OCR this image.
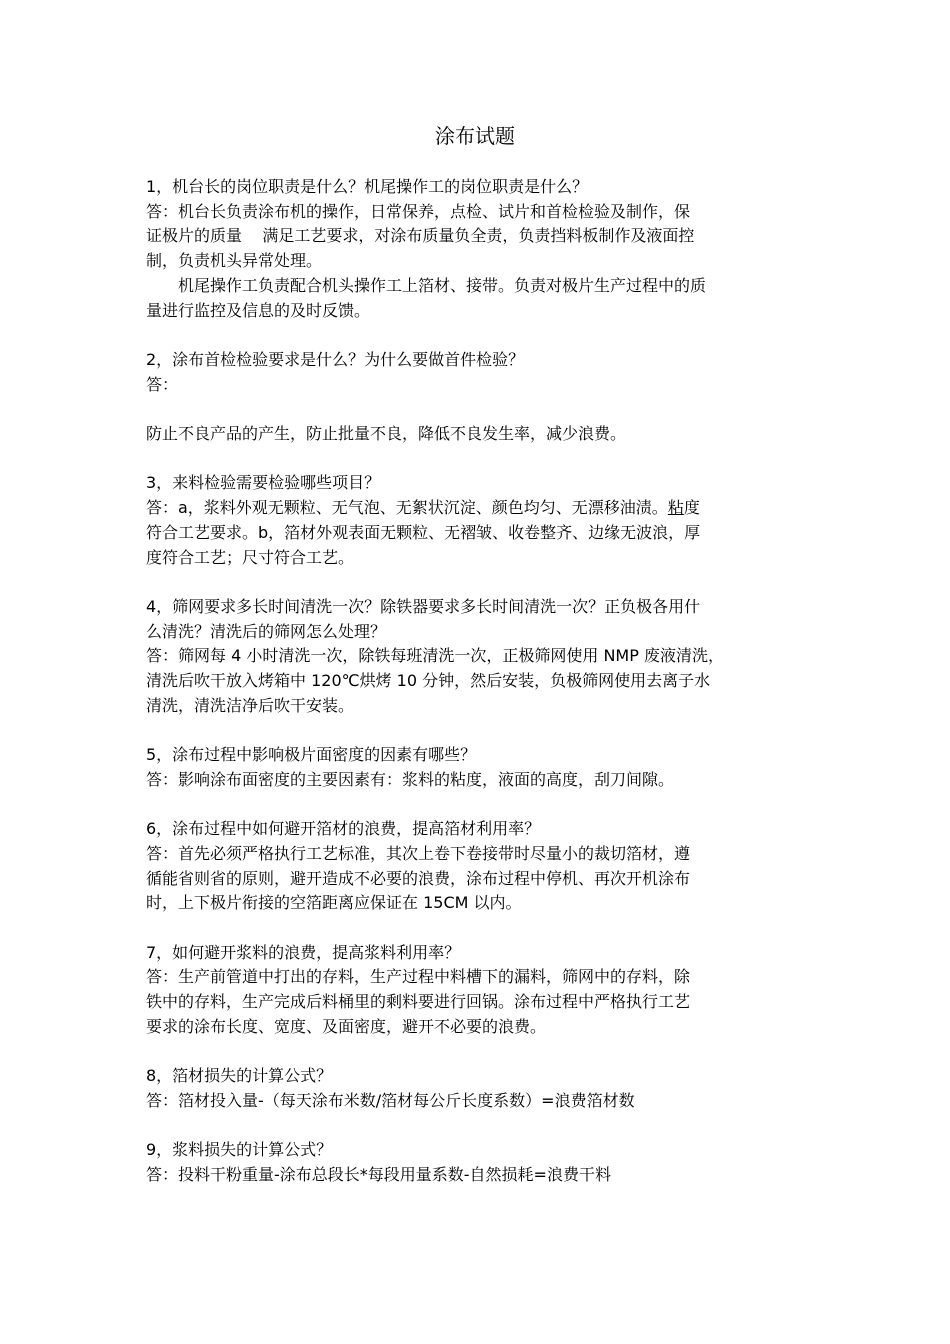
涂布试题

1，机台长的岗位职责是什么？机尾操作工的岗位职责是什么？

答：机台长负责涂布机的操作，日常保养，点检、试片和首检检验及制作，保

证极片的质量    满足工艺要求，对涂布质量负全责，负责挡料板制作及液面控

制，负责机头异常处理。

机尾操作工负责配合机头操作工上箔材、接带。负责对极片生产过程中的质

量进行监控及信息的及时反馈。

2，涂布首检检验要求是什么？为什么要做首件检验？

答：

防止不良产品的产生，防止批量不良，降低不良发生率，减少浪费。

3，来料检验需要检验哪些项目？

答：a，浆料外观无颗粒、无气泡、无絮状沉淀、颜色均匀、无漂移油渍。粘度

符合工艺要求。b，箔材外观表面无颗粒、无褶皱、收卷整齐、边缘无波浪，厚

度符合工艺；尺寸符合工艺。

4，筛网要求多长时间清洗一次？除铁器要求多长时间清洗一次？正负极各用什

么清洗？清洗后的筛网怎么处理？

答：筛网每 4 小时清洗一次，除铁每班清洗一次，正极筛网使用 NMP 废液清洗，

清洗后吹干放入烤箱中 120℃烘烤 10 分钟，然后安装，负极筛网使用去离子水

清洗，清洗洁净后吹干安装。

5，涂布过程中影响极片面密度的因素有哪些？

答：影响涂布面密度的主要因素有：浆料的粘度，液面的高度，刮刀间隙。

6，涂布过程中如何避开箔材的浪费，提高箔材利用率？

答：首先必须严格执行工艺标准，其次上卷下卷接带时尽量小的裁切箔材，遵

循能省则省的原则，避开造成不必要的浪费，涂布过程中停机、再次开机涂布

时，上下极片衔接的空箔距离应保证在 15CM 以内。

7，如何避开浆料的浪费，提高浆料利用率？

答：生产前管道中打出的存料，生产过程中料槽下的漏料，筛网中的存料，除

铁中的存料，生产完成后料桶里的剩料要进行回锅。涂布过程中严格执行工艺

要求的涂布长度、宽度、及面密度，避开不必要的浪费。

8，箔材损失的计算公式？

答：箔材投入量-（每天涂布米数/箔材每公斤长度系数）=浪费箔材数

9，浆料损失的计算公式？

答：投料干粉重量-涂布总段长*每段用量系数-自然损耗=浪费干料
